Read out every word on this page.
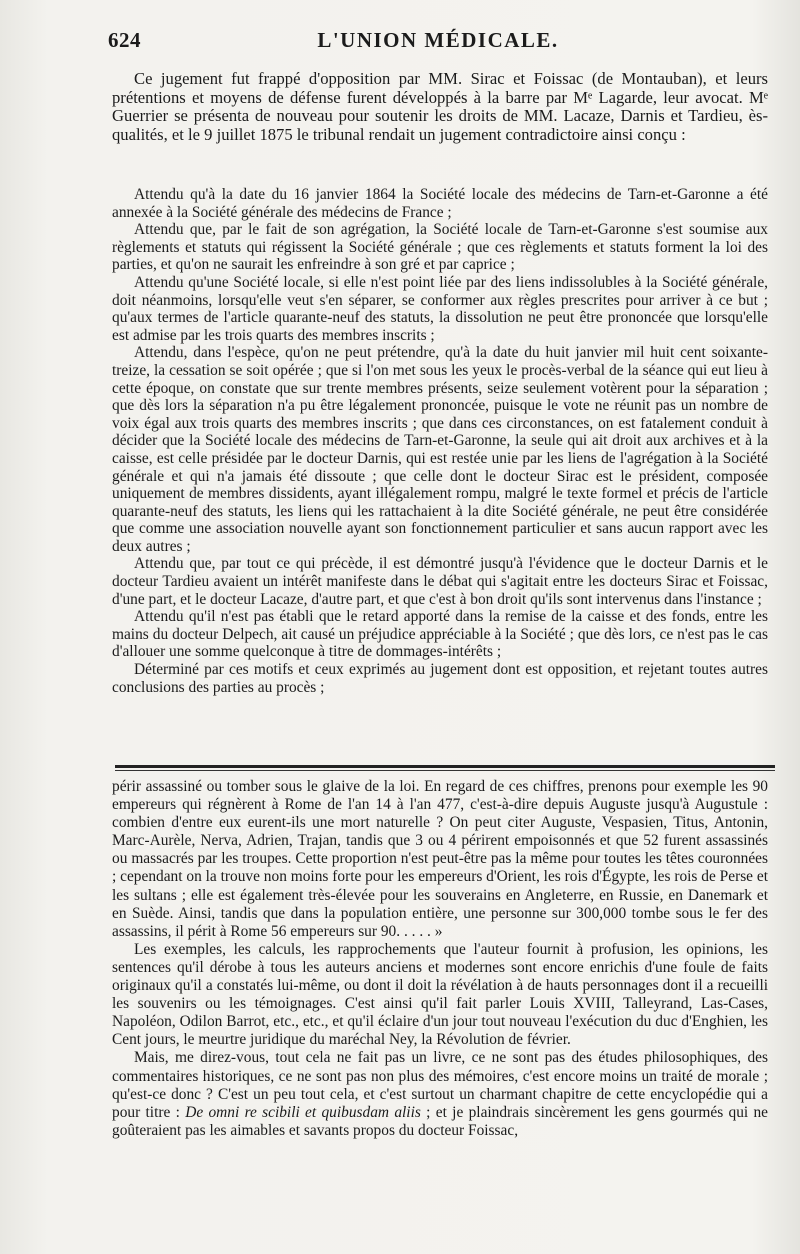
624	L'UNION MÉDICALE.

Ce jugement fut frappé d'opposition par MM. Sirac et Foissac (de Montauban), et leurs prétentions et moyens de défense furent développés à la barre par Mᵉ Lagarde, leur avocat. Mᵉ Guerrier se présenta de nouveau pour soutenir les droits de MM. Lacaze, Darnis et Tardieu, ès-qualités, et le 9 juillet 1875 le tribunal rendait un jugement contradictoire ainsi conçu :

Attendu qu'à la date du 16 janvier 1864 la Société locale des médecins de Tarn-et-Garonne a été annexée à la Société générale des médecins de France ;

Attendu que, par le fait de son agrégation, la Société locale de Tarn-et-Garonne s'est soumise aux règlements et statuts qui régissent la Société générale ; que ces règlements et statuts forment la loi des parties, et qu'on ne saurait les enfreindre à son gré et par caprice ;

Attendu qu'une Société locale, si elle n'est point liée par des liens indissolubles à la Société générale, doit néanmoins, lorsqu'elle veut s'en séparer, se conformer aux règles prescrites pour arriver à ce but ; qu'aux termes de l'article quarante-neuf des statuts, la dissolution ne peut être prononcée que lorsqu'elle est admise par les trois quarts des membres inscrits ;

Attendu, dans l'espèce, qu'on ne peut prétendre, qu'à la date du huit janvier mil huit cent soixante-treize, la cessation se soit opérée ; que si l'on met sous les yeux le procès-verbal de la séance qui eut lieu à cette époque, on constate que sur trente membres présents, seize seulement votèrent pour la séparation ; que dès lors la séparation n'a pu être légalement prononcée, puisque le vote ne réunit pas un nombre de voix égal aux trois quarts des membres inscrits ; que dans ces circonstances, on est fatalement conduit à décider que la Société locale des médecins de Tarn-et-Garonne, la seule qui ait droit aux archives et à la caisse, est celle présidée par le docteur Darnis, qui est restée unie par les liens de l'agrégation à la Société générale et qui n'a jamais été dissoute ; que celle dont le docteur Sirac est le président, composée uniquement de membres dissidents, ayant illégalement rompu, malgré le texte formel et précis de l'article quarante-neuf des statuts, les liens qui les rattachaient à la dite Société générale, ne peut être considérée que comme une association nouvelle ayant son fonctionnement particulier et sans aucun rapport avec les deux autres ;

Attendu que, par tout ce qui précède, il est démontré jusqu'à l'évidence que le docteur Darnis et le docteur Tardieu avaient un intérêt manifeste dans le débat qui s'agitait entre les docteurs Sirac et Foissac, d'une part, et le docteur Lacaze, d'autre part, et que c'est à bon droit qu'ils sont intervenus dans l'instance ;

Attendu qu'il n'est pas établi que le retard apporté dans la remise de la caisse et des fonds, entre les mains du docteur Delpech, ait causé un préjudice appréciable à la Société ; que dès lors, ce n'est pas le cas d'allouer une somme quelconque à titre de dommages-intérêts ;

Déterminé par ces motifs et ceux exprimés au jugement dont est opposition, et rejetant toutes autres conclusions des parties au procès ;

périr assassiné ou tomber sous le glaive de la loi. En regard de ces chiffres, prenons pour exemple les 90 empereurs qui régnèrent à Rome de l'an 14 à l'an 477, c'est-à-dire depuis Auguste jusqu'à Augustule : combien d'entre eux eurent-ils une mort naturelle ? On peut citer Auguste, Vespasien, Titus, Antonin, Marc-Aurèle, Nerva, Adrien, Trajan, tandis que 3 ou 4 périrent empoisonnés et que 52 furent assassinés ou massacrés par les troupes. Cette proportion n'est peut-être pas la même pour toutes les têtes couronnées ; cependant on la trouve non moins forte pour les empereurs d'Orient, les rois d'Égypte, les rois de Perse et les sultans ; elle est également très-élevée pour les souverains en Angleterre, en Russie, en Danemark et en Suède. Ainsi, tandis que dans la population entière, une personne sur 300,000 tombe sous le fer des assassins, il périt à Rome 56 empereurs sur 90. . . . . »

Les exemples, les calculs, les rapprochements que l'auteur fournit à profusion, les opinions, les sentences qu'il dérobe à tous les auteurs anciens et modernes sont encore enrichis d'une foule de faits originaux qu'il a constatés lui-même, ou dont il doit la révélation à de hauts personnages dont il a recueilli les souvenirs ou les témoignages. C'est ainsi qu'il fait parler Louis XVIII, Talleyrand, Las-Cases, Napoléon, Odilon Barrot, etc., etc., et qu'il éclaire d'un jour tout nouveau l'exécution du duc d'Enghien, les Cent jours, le meurtre juridique du maréchal Ney, la Révolution de février.

Mais, me direz-vous, tout cela ne fait pas un livre, ce ne sont pas des études philosophiques, des commentaires historiques, ce ne sont pas non plus des mémoires, c'est encore moins un traité de morale ; qu'est-ce donc ? C'est un peu tout cela, et c'est surtout un charmant chapitre de cette encyclopédie qui a pour titre : De omni re scibili et quibusdam aliis ; et je plaindrais sincèrement les gens gourmés qui ne goûteraient pas les aimables et savants propos du docteur Foissac,
